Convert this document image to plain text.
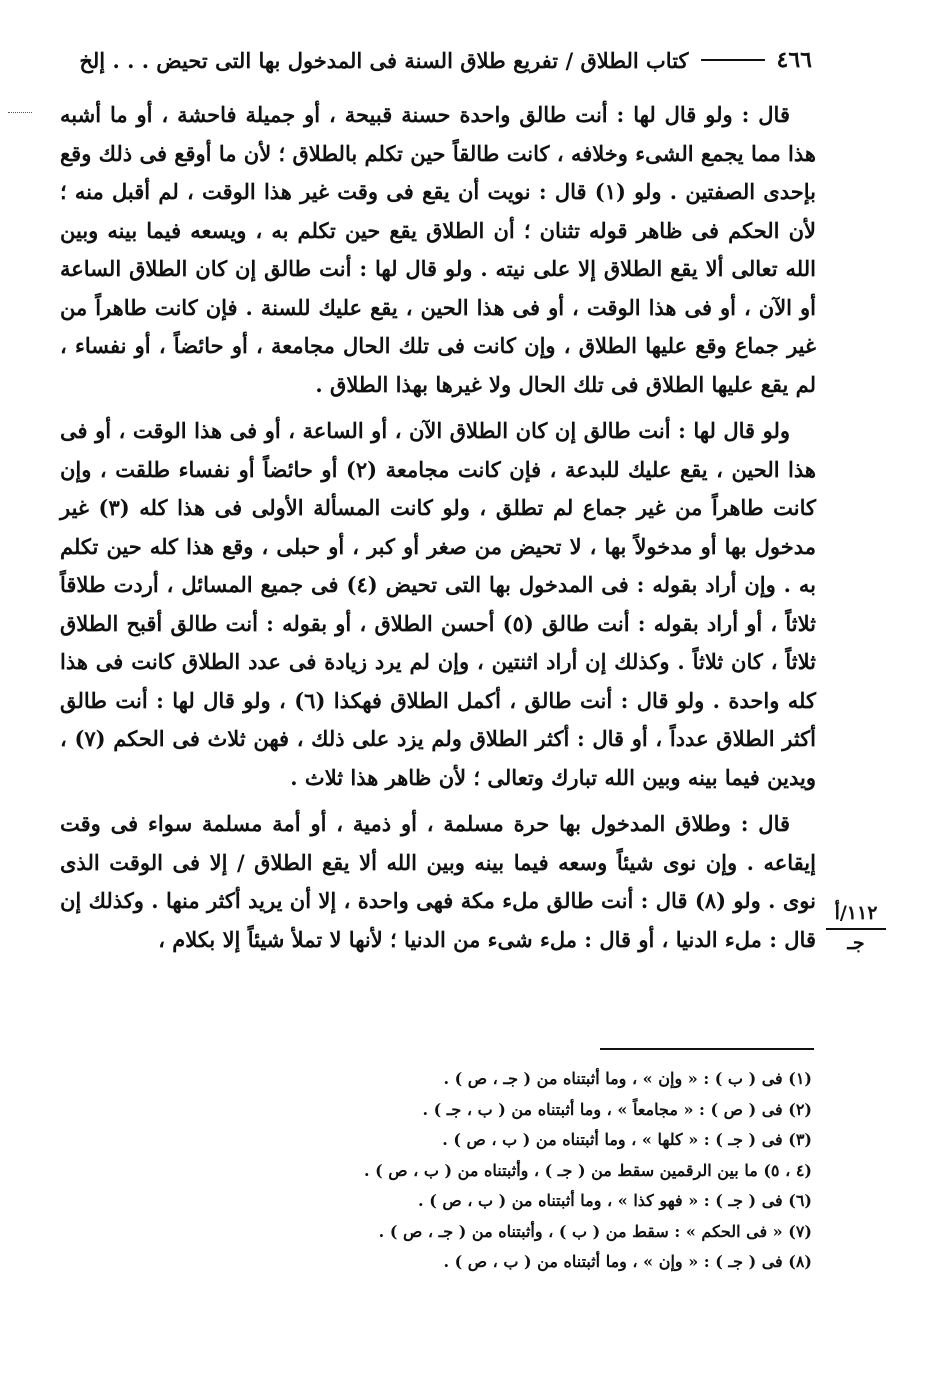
٤٦٦
كتاب الطلاق / تفريع طلاق السنة فى المدخول بها التى تحيض . . . إلخ

قال : ولو قال لها : أنت طالق واحدة حسنة قبيحة ، أو جميلة فاحشة ، أو ما أشبه هذا مما يجمع الشىء وخلافه ، كانت طالقاً حين تكلم بالطلاق ؛ لأن ما أوقع فى ذلك وقع بإحدى الصفتين . ولو (١) قال : نويت أن يقع فى وقت غير هذا الوقت ، لم أقبل منه ؛ لأن الحكم فى ظاهر قوله تثنان ؛ أن الطلاق يقع حين تكلم به ، ويسعه فيما بينه وبين الله تعالى ألا يقع الطلاق إلا على نيته . ولو قال لها : أنت طالق إن كان الطلاق الساعة أو الآن ، أو فى هذا الوقت ، أو فى هذا الحين ، يقع عليك للسنة . فإن كانت طاهراً من غير جماع وقع عليها الطلاق ، وإن كانت فى تلك الحال مجامعة ، أو حائضاً ، أو نفساء ، لم يقع عليها الطلاق فى تلك الحال ولا غيرها بهذا الطلاق .

ولو قال لها : أنت طالق إن كان الطلاق الآن ، أو الساعة ، أو فى هذا الوقت ، أو فى هذا الحين ، يقع عليك للبدعة ، فإن كانت مجامعة (٢) أو حائضاً أو نفساء طلقت ، وإن كانت طاهراً من غير جماع لم تطلق ، ولو كانت المسألة الأولى فى هذا كله (٣) غير مدخول بها أو مدخولاً بها ، لا تحيض من صغر أو كبر ، أو حبلى ، وقع هذا كله حين تكلم به . وإن أراد بقوله : فى المدخول بها التى تحيض (٤) فى جميع المسائل ، أردت طلاقاً ثلاثاً ، أو أراد بقوله : أنت طالق (٥) أحسن الطلاق ، أو بقوله : أنت طالق أقبح الطلاق ثلاثاً ، كان ثلاثاً . وكذلك إن أراد اثنتين ، وإن لم يرد زيادة فى عدد الطلاق كانت فى هذا كله واحدة . ولو قال : أنت طالق ، أكمل الطلاق فهكذا (٦) ، ولو قال لها : أنت طالق أكثر الطلاق عدداً ، أو قال : أكثر الطلاق ولم يزد على ذلك ، فهن ثلاث فى الحكم (٧) ، ويدين فيما بينه وبين الله تبارك وتعالى ؛ لأن ظاهر هذا ثلاث .

قال : وطلاق المدخول بها حرة مسلمة ، أو ذمية ، أو أمة مسلمة سواء فى وقت إيقاعه . وإن نوى شيئاً وسعه فيما بينه وبين الله ألا يقع الطلاق / إلا فى الوقت الذى نوى . ولو (٨) قال : أنت طالق ملء مكة فهى واحدة ، إلا أن يريد أكثر منها . وكذلك إن قال : ملء الدنيا ، أو قال : ملء شىء من الدنيا ؛ لأنها لا تملأ شيئاً إلا بكلام ،

١١٢/أ
جـ
(١) فى ( ب ) : « وإن » ، وما أثبتناه من ( جـ ، ص ) .
(٢) فى ( ص ) : « مجامعاً » ، وما أثبتناه من ( ب ، جـ ) .
(٣) فى ( جـ ) : « كلها » ، وما أثبتناه من ( ب ، ص ) .
(٤ ، ٥) ما بين الرقمين سقط من ( جـ ) ، وأثبتناه من ( ب ، ص ) .
(٦) فى ( جـ ) : « فهو كذا » ، وما أثبتناه من ( ب ، ص ) .
(٧) « فى الحكم » : سقط من ( ب ) ، وأثبتناه من ( جـ ، ص ) .
(٨) فى ( جـ ) : « وإن » ، وما أثبتناه من ( ب ، ص ) .
